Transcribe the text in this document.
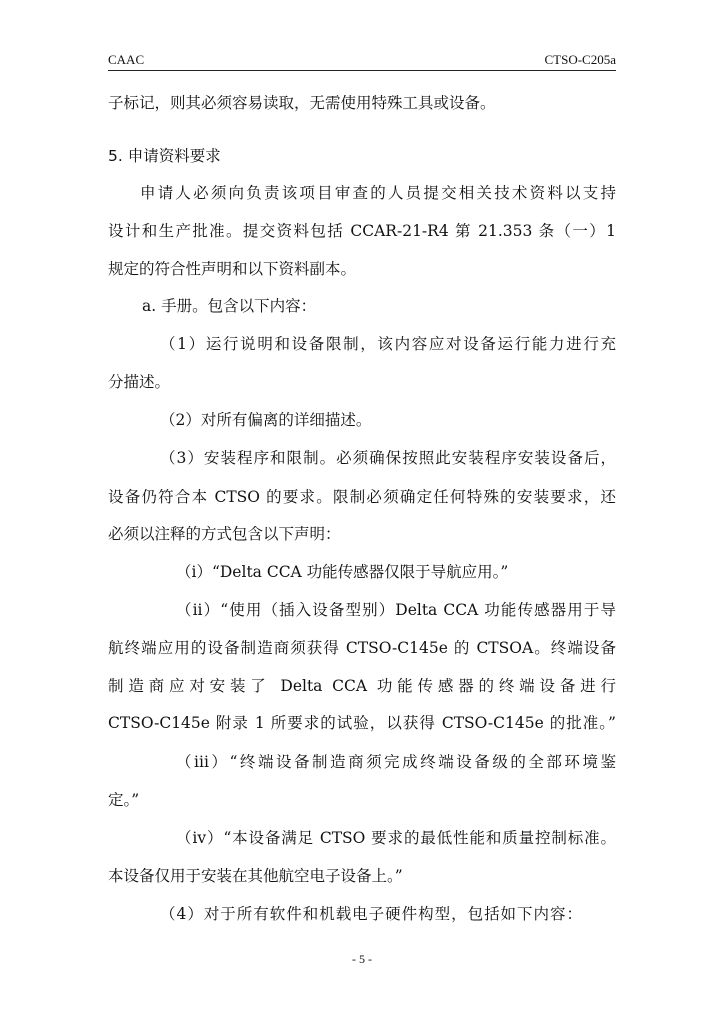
CAAC	CTSO-C205a
子标记，则其必须容易读取，无需使用特殊工具或设备。
5. 申请资料要求
申请人必须向负责该项目审查的人员提交相关技术资料以支持
设计和生产批准。提交资料包括 CCAR-21-R4 第 21.353 条（一）1
规定的符合性声明和以下资料副本。
a. 手册。包含以下内容：
（1）运行说明和设备限制，该内容应对设备运行能力进行充
分描述。
（2）对所有偏离的详细描述。
（3）安装程序和限制。必须确保按照此安装程序安装设备后，
设备仍符合本 CTSO 的要求。限制必须确定任何特殊的安装要求，还
必须以注释的方式包含以下声明：
（i）“Delta CCA 功能传感器仅限于导航应用。”
（ii）“使用（插入设备型别）Delta CCA 功能传感器用于导
航终端应用的设备制造商须获得 CTSO-C145e 的 CTSOA。终端设备
制造商应对安装了 Delta CCA 功能传感器的终端设备进行
CTSO-C145e 附录 1 所要求的试验，以获得 CTSO-C145e 的批准。”
（iii）“终端设备制造商须完成终端设备级的全部环境鉴
定。”
（iv）“本设备满足 CTSO 要求的最低性能和质量控制标准。
本设备仅用于安装在其他航空电子设备上。”
（4）对于所有软件和机载电子硬件构型，包括如下内容：
- 5 -
